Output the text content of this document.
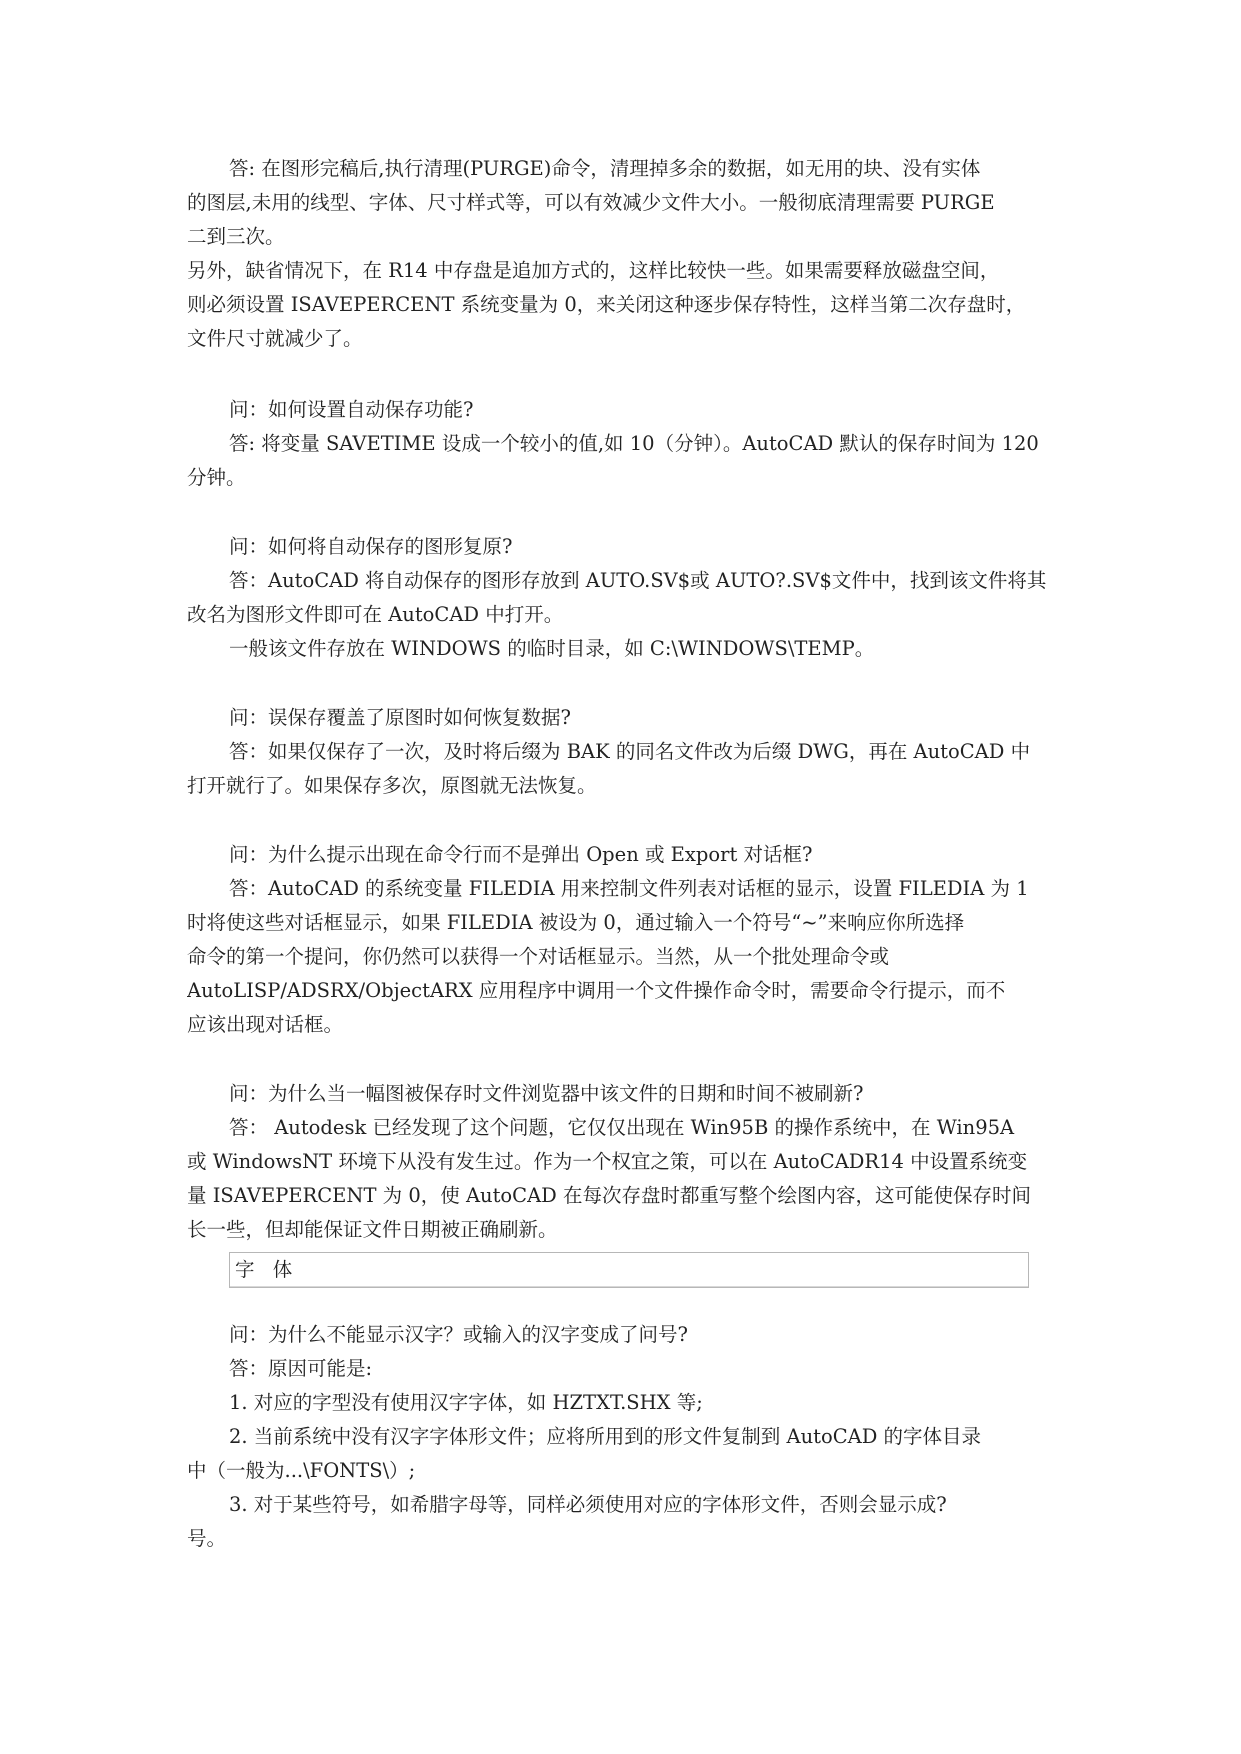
答: 在图形完稿后,执行清理(PURGE)命令，清理掉多余的数据，如无用的块、没有实体
的图层,未用的线型、字体、尺寸样式等，可以有效减少文件大小。一般彻底清理需要 PURGE
二到三次。
另外，缺省情况下，在 R14 中存盘是追加方式的，这样比较快一些。如果需要释放磁盘空间，
则必须设置 ISAVEPERCENT 系统变量为 0，来关闭这种逐步保存特性，这样当第二次存盘时，
文件尺寸就减少了。
问：如何设置自动保存功能?
答: 将变量 SAVETIME 设成一个较小的值,如 10（分钟）。AutoCAD 默认的保存时间为 120
分钟。
问：如何将自动保存的图形复原?
答：AutoCAD 将自动保存的图形存放到 AUTO.SV$或 AUTO?.SV$文件中，找到该文件将其
改名为图形文件即可在 AutoCAD 中打开。
一般该文件存放在 WINDOWS 的临时目录，如 C:\WINDOWS\TEMP。
问：误保存覆盖了原图时如何恢复数据?
答：如果仅保存了一次，及时将后缀为 BAK 的同名文件改为后缀 DWG，再在 AutoCAD 中
打开就行了。如果保存多次，原图就无法恢复。
问：为什么提示出现在命令行而不是弹出 Open 或 Export 对话框?
答：AutoCAD 的系统变量 FILEDIA 用来控制文件列表对话框的显示，设置 FILEDIA 为 1
时将使这些对话框显示，如果 FILEDIA 被设为 0，通过输入一个符号“~”来响应你所选择
命令的第一个提问，你仍然可以获得一个对话框显示。当然，从一个批处理命令或
AutoLISP/ADSRX/ObjectARX 应用程序中调用一个文件操作命令时，需要命令行提示，而不
应该出现对话框。
问：为什么当一幅图被保存时文件浏览器中该文件的日期和时间不被刷新?
答： Autodesk 已经发现了这个问题，它仅仅出现在 Win95B 的操作系统中，在 Win95A
或 WindowsNT 环境下从没有发生过。作为一个权宜之策，可以在 AutoCADR14 中设置系统变
量 ISAVEPERCENT 为 0，使 AutoCAD 在每次存盘时都重写整个绘图内容，这可能使保存时间
长一些，但却能保证文件日期被正确刷新。
字 体
问：为什么不能显示汉字？或输入的汉字变成了问号?
答：原因可能是:
1. 对应的字型没有使用汉字字体，如 HZTXT.SHX 等;
2. 当前系统中没有汉字字体形文件；应将所用到的形文件复制到 AutoCAD 的字体目录
中（一般为...\FONTS\）;
3. 对于某些符号，如希腊字母等，同样必须使用对应的字体形文件，否则会显示成?
号。
